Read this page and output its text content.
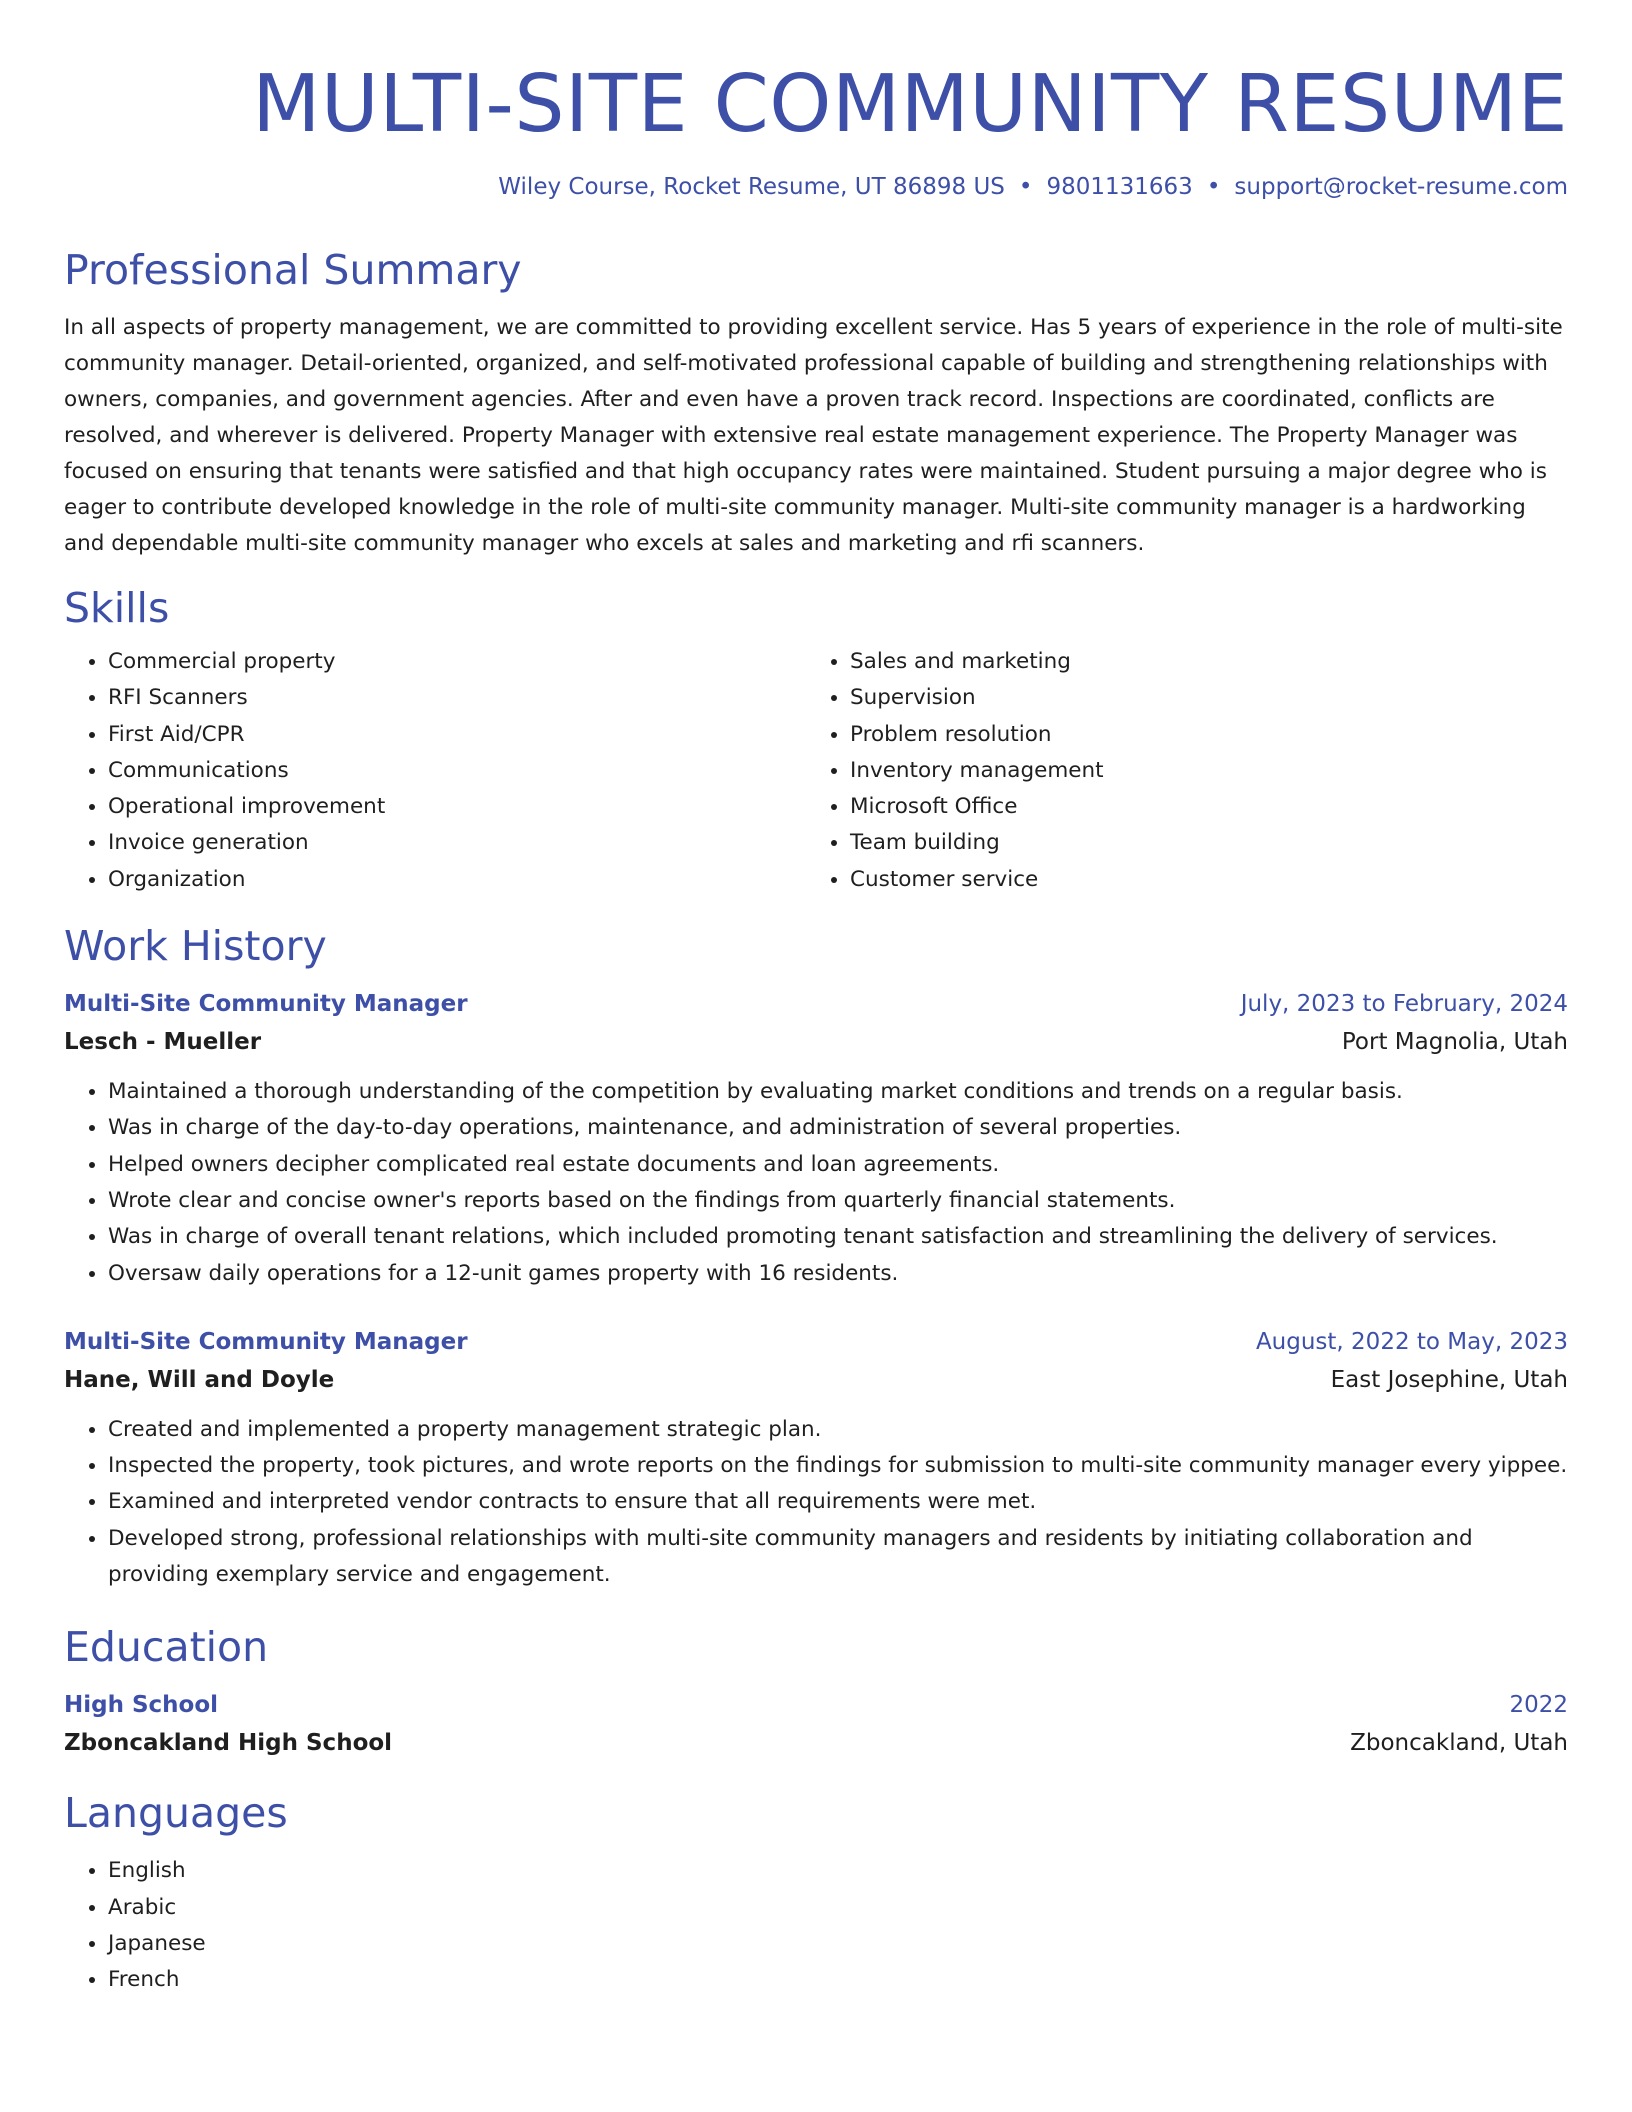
MULTI-SITE COMMUNITY RESUME
Wiley Course, Rocket Resume, UT 86898 US • 9801131663 • support@rocket-resume.com
Professional Summary
In all aspects of property management, we are committed to providing excellent service. Has 5 years of experience in the role of multi-site community manager. Detail-oriented, organized, and self-motivated professional capable of building and strengthening relationships with owners, companies, and government agencies. After and even have a proven track record. Inspections are coordinated, conflicts are resolved, and wherever is delivered. Property Manager with extensive real estate management experience. The Property Manager was focused on ensuring that tenants were satisfied and that high occupancy rates were maintained. Student pursuing a major degree who is eager to contribute developed knowledge in the role of multi-site community manager. Multi-site community manager is a hardworking and dependable multi-site community manager who excels at sales and marketing and rfi scanners.
Skills
• Commercial property
• RFI Scanners
• First Aid/CPR
• Communications
• Operational improvement
• Invoice generation
• Organization
• Sales and marketing
• Supervision
• Problem resolution
• Inventory management
• Microsoft Office
• Team building
• Customer service
Work History
Multi-Site Community Manager	July, 2023 to February, 2024
Lesch - Mueller	Port Magnolia, Utah
• Maintained a thorough understanding of the competition by evaluating market conditions and trends on a regular basis.
• Was in charge of the day-to-day operations, maintenance, and administration of several properties.
• Helped owners decipher complicated real estate documents and loan agreements.
• Wrote clear and concise owner's reports based on the findings from quarterly financial statements.
• Was in charge of overall tenant relations, which included promoting tenant satisfaction and streamlining the delivery of services.
• Oversaw daily operations for a 12-unit games property with 16 residents.
Multi-Site Community Manager	August, 2022 to May, 2023
Hane, Will and Doyle	East Josephine, Utah
• Created and implemented a property management strategic plan.
• Inspected the property, took pictures, and wrote reports on the findings for submission to multi-site community manager every yippee.
• Examined and interpreted vendor contracts to ensure that all requirements were met.
• Developed strong, professional relationships with multi-site community managers and residents by initiating collaboration and providing exemplary service and engagement.
Education
High School	2022
Zboncakland High School	Zboncakland, Utah
Languages
• English
• Arabic
• Japanese
• French
